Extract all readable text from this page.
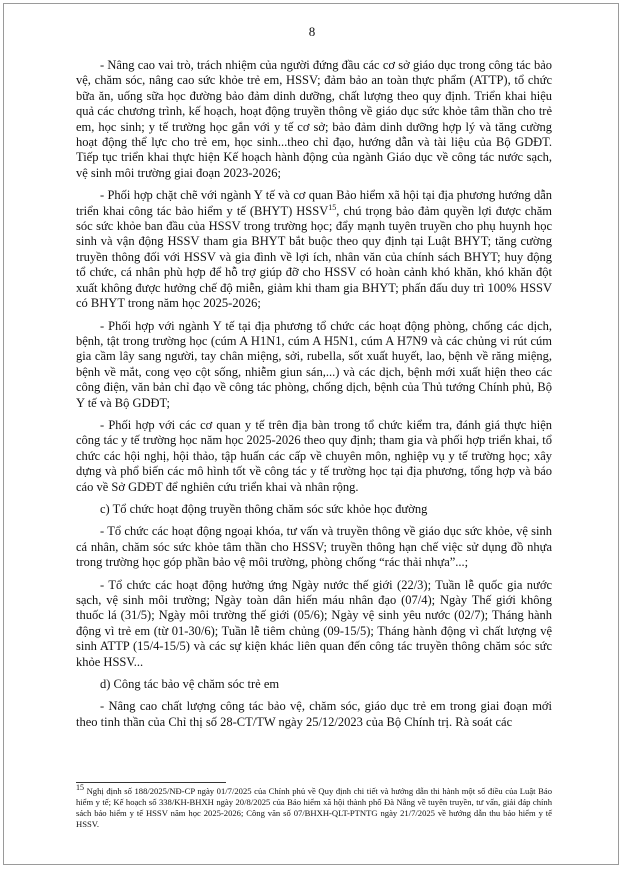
8

- Nâng cao vai trò, trách nhiệm của người đứng đầu các cơ sở giáo dục trong công tác bảo vệ, chăm sóc, nâng cao sức khỏe trẻ em, HSSV; đảm bảo an toàn thực phẩm (ATTP), tổ chức bữa ăn, uống sữa học đường bảo đảm dinh dưỡng, chất lượng theo quy định. Triển khai hiệu quả các chương trình, kế hoạch, hoạt động truyền thông về giáo dục sức khỏe tâm thần cho trẻ em, học sinh; y tế trường học gắn với y tế cơ sở; bảo đảm dinh dưỡng hợp lý và tăng cường hoạt động thể lực cho trẻ em, học sinh...theo chỉ đạo, hướng dẫn và tài liệu của Bộ GDĐT. Tiếp tục triển khai thực hiện Kế hoạch hành động của ngành Giáo dục về công tác nước sạch, vệ sinh môi trường giai đoạn 2023-2026;

- Phối hợp chặt chẽ với ngành Y tế và cơ quan Bảo hiểm xã hội tại địa phương hướng dẫn triển khai công tác bảo hiểm y tế (BHYT) HSSV$^{15}$, chú trọng bảo đảm quyền lợi được chăm sóc sức khỏe ban đầu của HSSV trong trường học; đẩy mạnh tuyên truyền cho phụ huynh học sinh và vận động HSSV tham gia BHYT bắt buộc theo quy định tại Luật BHYT; tăng cường truyền thông đối với HSSV và gia đình về lợi ích, nhân văn của chính sách BHYT; huy động tổ chức, cá nhân phù hợp để hỗ trợ giúp đỡ cho HSSV có hoàn cảnh khó khăn, khó khăn đột xuất không được hưởng chế độ miễn, giảm khi tham gia BHYT; phấn đấu duy trì 100% HSSV có BHYT trong năm học 2025-2026;

- Phối hợp với ngành Y tế tại địa phương tổ chức các hoạt động phòng, chống các dịch, bệnh, tật trong trường học (cúm A H1N1, cúm A H5N1, cúm A H7N9 và các chủng vi rút cúm gia cầm lây sang người, tay chân miệng, sởi, rubella, sốt xuất huyết, lao, bệnh về răng miệng, bệnh về mắt, cong vẹo cột sống, nhiễm giun sán,...) và các dịch, bệnh mới xuất hiện theo các công điện, văn bản chỉ đạo về công tác phòng, chống dịch, bệnh của Thủ tướng Chính phủ, Bộ Y tế và Bộ GDĐT;

- Phối hợp với các cơ quan y tế trên địa bàn trong tổ chức kiểm tra, đánh giá thực hiện công tác y tế trường học năm học 2025-2026 theo quy định; tham gia và phối hợp triển khai, tổ chức các hội nghị, hội thảo, tập huấn các cấp về chuyên môn, nghiệp vụ y tế trường học; xây dựng và phổ biến các mô hình tốt về công tác y tế trường học tại địa phương, tổng hợp và báo cáo về Sở GDĐT để nghiên cứu triển khai và nhân rộng.

c) Tổ chức hoạt động truyền thông chăm sóc sức khỏe học đường

- Tổ chức các hoạt động ngoại khóa, tư vấn và truyền thông về giáo dục sức khỏe, vệ sinh cá nhân, chăm sóc sức khỏe tâm thần cho HSSV; truyền thông hạn chế việc sử dụng đồ nhựa trong trường học góp phần bảo vệ môi trường, phòng chống “rác thải nhựa”...;

- Tổ chức các hoạt động hưởng ứng Ngày nước thế giới (22/3); Tuần lễ quốc gia nước sạch, vệ sinh môi trường; Ngày toàn dân hiến máu nhân đạo (07/4); Ngày Thế giới không thuốc lá (31/5); Ngày môi trường thế giới (05/6); Ngày vệ sinh yêu nước (02/7); Tháng hành động vì trẻ em (từ 01-30/6); Tuần lễ tiêm chủng (09-15/5); Tháng hành động vì chất lượng vệ sinh ATTP (15/4-15/5) và các sự kiện khác liên quan đến công tác truyền thông chăm sóc sức khỏe HSSV...

d) Công tác bảo vệ chăm sóc trẻ em

- Nâng cao chất lượng công tác bảo vệ, chăm sóc, giáo dục trẻ em trong giai đoạn mới theo tinh thần của Chỉ thị số 28-CT/TW ngày 25/12/2023 của Bộ Chính trị. Rà soát các

$^{15}$ Nghị định số 188/2025/NĐ-CP ngày 01/7/2025 của Chính phủ về Quy định chi tiết và hướng dẫn thi hành một số điều của Luật Bảo hiểm y tế; Kế hoạch số 338/KH-BHXH ngày 20/8/2025 của Bảo hiểm xã hội thành phố Đà Nẵng về tuyên truyền, tư vấn, giải đáp chính sách bảo hiểm y tế HSSV năm học 2025-2026; Công văn số 07/BHXH-QLT-PTNTG ngày 21/7/2025 về hướng dẫn thu bảo hiểm y tế HSSV.
